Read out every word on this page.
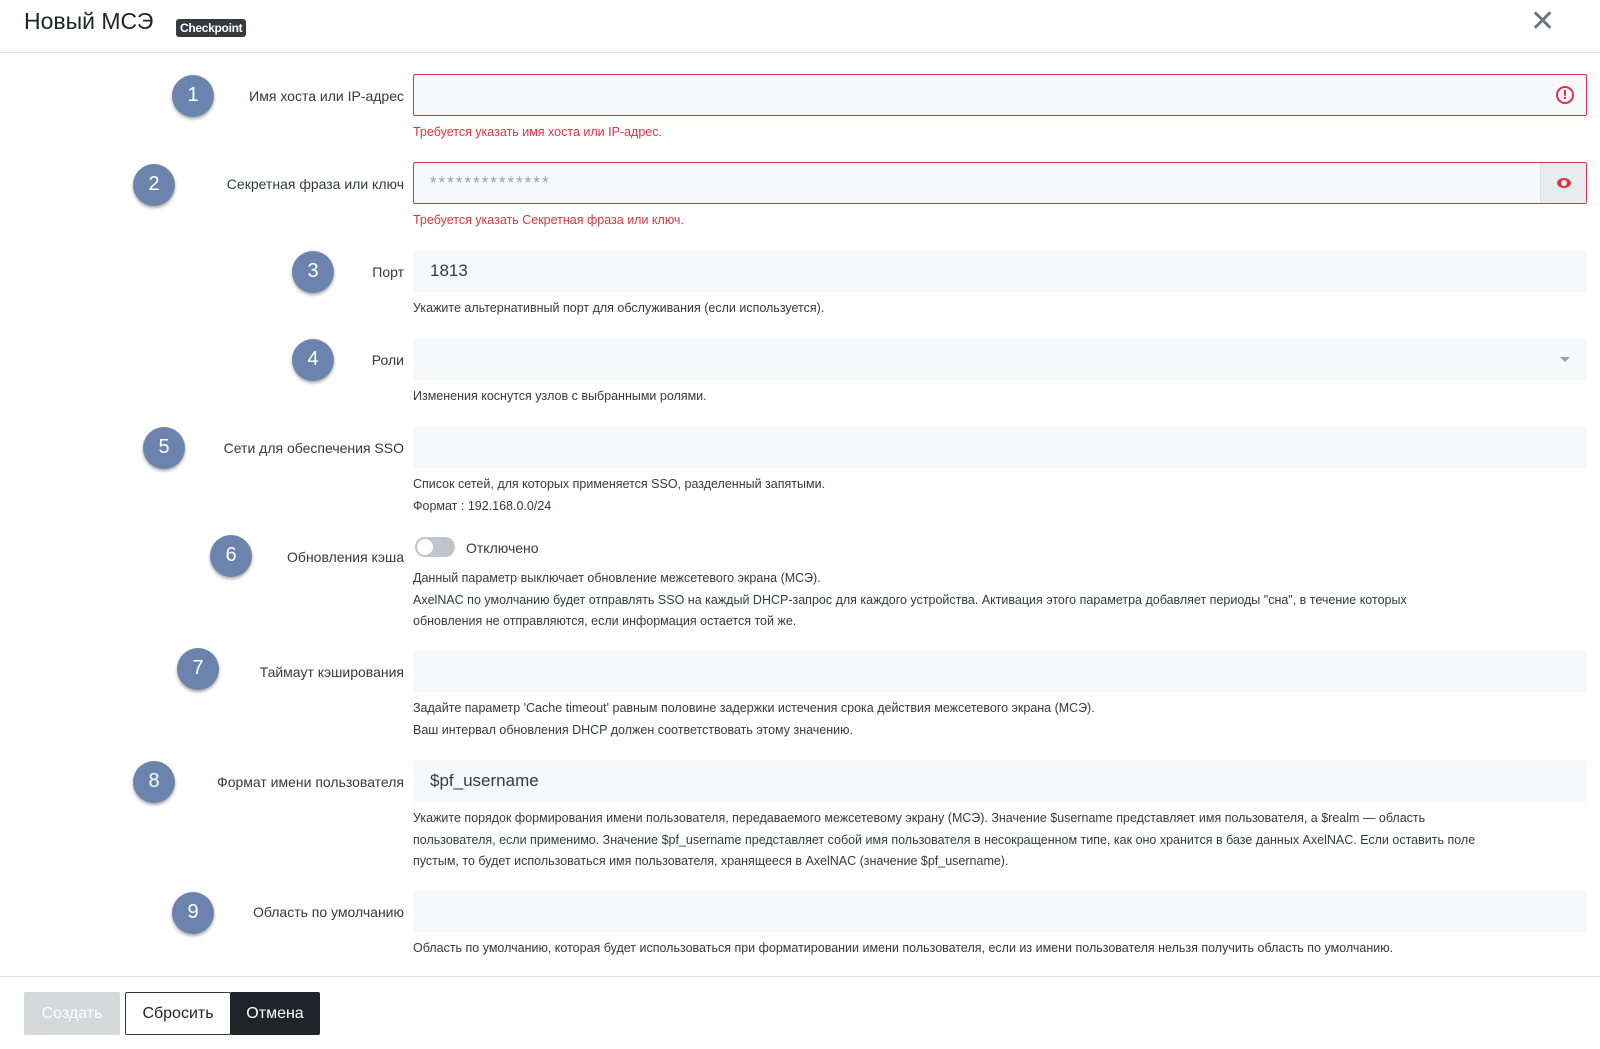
Новый МСЭ	Checkpoint	✕
1	Имя хоста или IP-адрес	!
Требуется указать имя хоста или IP-адрес.
2	Секретная фраза или ключ
Требуется указать Секретная фраза или ключ.
3	Порт
1813
Укажите альтернативный порт для обслуживания (если используется).
4	Роли
Изменения коснутся узлов с выбранными ролями.
5	Сети для обеспечения SSO
Список сетей, для которых применяется SSO, разделенный запятыми.
Формат : 192.168.0.0/24
6	Обновления кэша
Отключено
Данный параметр выключает обновление межсетевого экрана (МСЭ).
AxelNAC по умолчанию будет отправлять SSO на каждый DHCP-запрос для каждого устройства. Активация этого параметра добавляет периоды "сна", в течение которых
обновления не отправляются, если информация остается той же.
7	Таймаут кэширования
Задайте параметр 'Cache timeout' равным половине задержки истечения срока действия межсетевого экрана (МСЭ).
Ваш интервал обновления DHCP должен соответствовать этому значению.
8	Формат имени пользователя
$pf_username
Укажите порядок формирования имени пользователя, передаваемого межсетевому экрану (МСЭ). Значение $username представляет имя пользователя, а $realm — область
пользователя, если применимо. Значение $pf_username представляет собой имя пользователя в несокращенном типе, как оно хранится в базе данных AxelNAC. Если оставить поле
пустым, то будет использоваться имя пользователя, хранящееся в AxelNAC (значение $pf_username).
9	Область по умолчанию
Область по умолчанию, которая будет использоваться при форматировании имени пользователя, если из имени пользователя нельзя получить область по умолчанию.
Создать	Сбросить	Отмена
